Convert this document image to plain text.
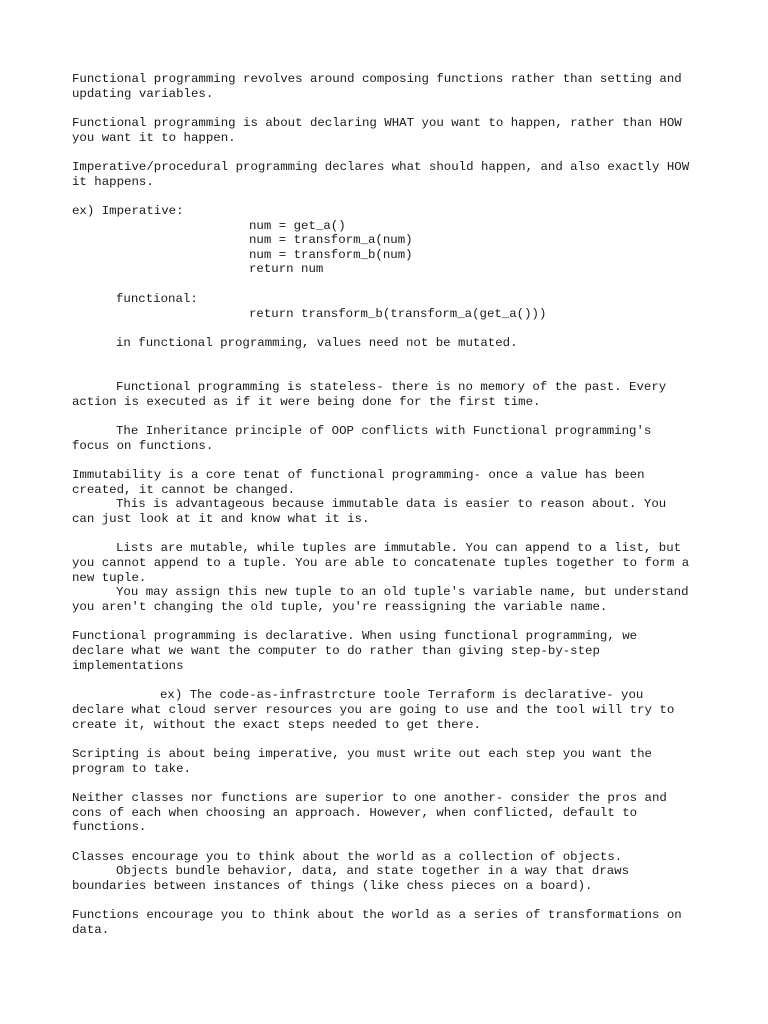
Functional programming revolves around composing functions rather than setting and
updating variables.
Functional programming is about declaring WHAT you want to happen, rather than HOW
you want it to happen.
Imperative/procedural programming declares what should happen, and also exactly HOW
it happens.
ex) Imperative:
num = get_a()
num = transform_a(num)
num = transform_b(num)
return num
functional:
return transform_b(transform_a(get_a()))
in functional programming, values need not be mutated.
Functional programming is stateless- there is no memory of the past. Every
action is executed as if it were being done for the first time.
The Inheritance principle of OOP conflicts with Functional programming's
focus on functions.
Immutability is a core tenat of functional programming- once a value has been
created, it cannot be changed.
This is advantageous because immutable data is easier to reason about. You
can just look at it and know what it is.
Lists are mutable, while tuples are immutable. You can append to a list, but
you cannot append to a tuple. You are able to concatenate tuples together to form a
new tuple.
You may assign this new tuple to an old tuple's variable name, but understand
you aren't changing the old tuple, you're reassigning the variable name.
Functional programming is declarative. When using functional programming, we
declare what we want the computer to do rather than giving step-by-step
implementations
ex) The code-as-infrastrcture toole Terraform is declarative- you
declare what cloud server resources you are going to use and the tool will try to
create it, without the exact steps needed to get there.
Scripting is about being imperative, you must write out each step you want the
program to take.
Neither classes nor functions are superior to one another- consider the pros and
cons of each when choosing an approach. However, when conflicted, default to
functions.
Classes encourage you to think about the world as a collection of objects.
Objects bundle behavior, data, and state together in a way that draws
boundaries between instances of things (like chess pieces on a board).
Functions encourage you to think about the world as a series of transformations on
data.
